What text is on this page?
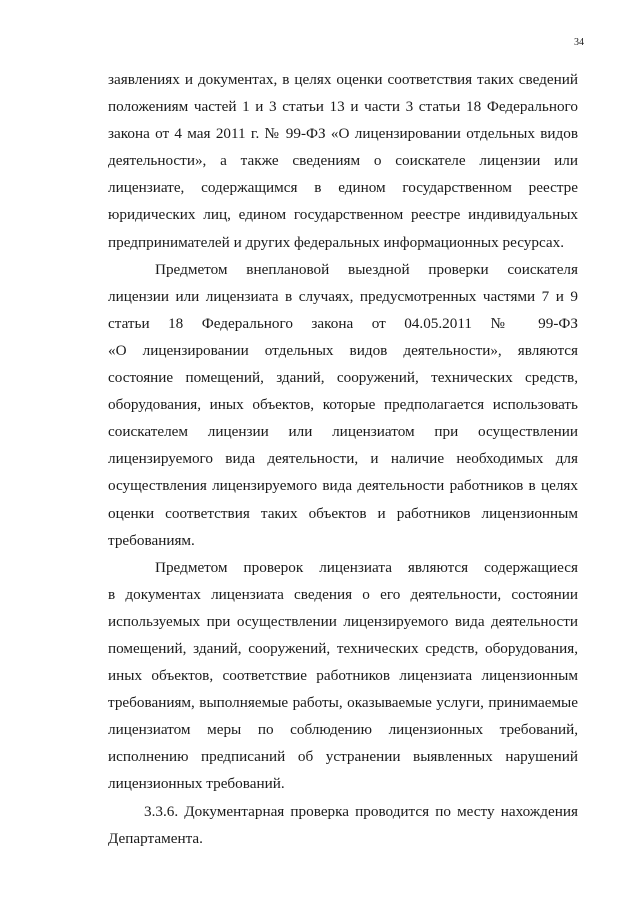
34
заявлениях и документах, в целях оценки соответствия таких сведений
положениям частей 1 и 3 статьи 13 и части 3 статьи 18 Федерального
закона от 4 мая 2011 г. № 99-ФЗ «О лицензировании отдельных видов
деятельности», а также сведениям о соискателе лицензии или
лицензиате, содержащимся в едином государственном реестре
юридических лиц, едином государственном реестре индивидуальных
предпринимателей и других федеральных информационных ресурсах.
Предметом внеплановой выездной проверки соискателя
лицензии или лицензиата в случаях, предусмотренных частями 7 и 9
статьи 18 Федерального закона от 04.05.2011 № 99-ФЗ
«О лицензировании отдельных видов деятельности», являются
состояние помещений, зданий, сооружений, технических средств,
оборудования, иных объектов, которые предполагается использовать
соискателем лицензии или лицензиатом при осуществлении
лицензируемого вида деятельности, и наличие необходимых для
осуществления лицензируемого вида деятельности работников в целях
оценки соответствия таких объектов и работников лицензионным
требованиям.
Предметом проверок лицензиата являются содержащиеся
в документах лицензиата сведения о его деятельности, состоянии
используемых при осуществлении лицензируемого вида деятельности
помещений, зданий, сооружений, технических средств, оборудования,
иных объектов, соответствие работников лицензиата лицензионным
требованиям, выполняемые работы, оказываемые услуги, принимаемые
лицензиатом меры по соблюдению лицензионных требований,
исполнению предписаний об устранении выявленных нарушений
лицензионных требований.
3.3.6. Документарная проверка проводится по месту нахождения
Департамента.
